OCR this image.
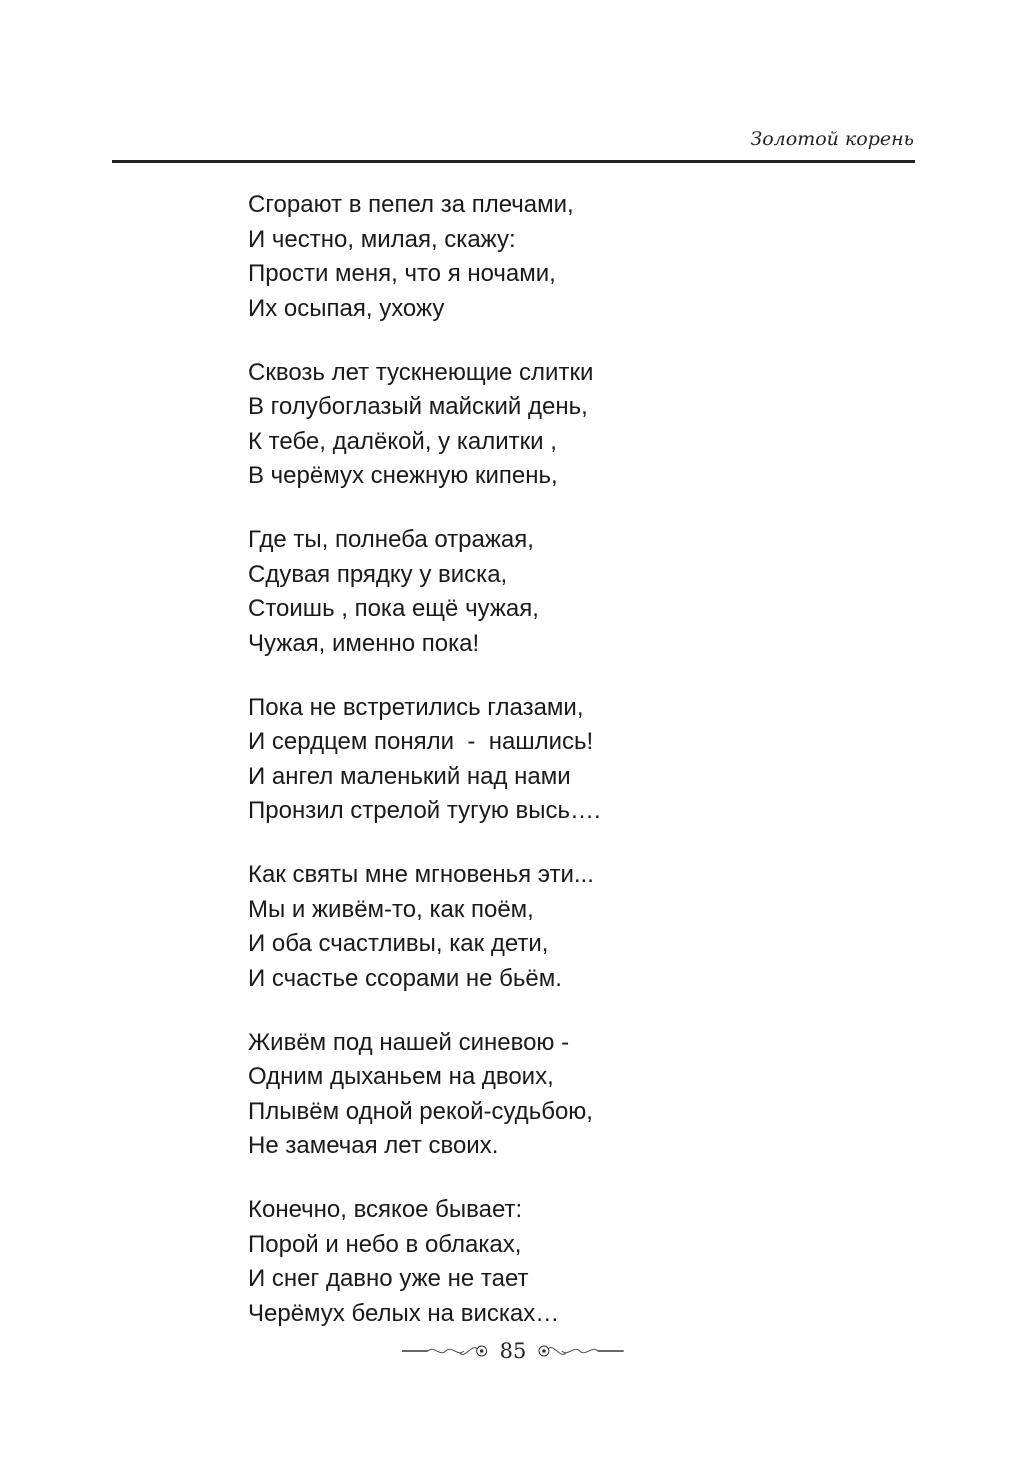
Золотой корень
Сгорают в пепел за плечами,
И честно, милая, скажу:
Прости меня, что я ночами,
Их осыпая, ухожу
Сквозь лет тускнеющие слитки
В голубоглазый майский день,
К тебе, далёкой, у калитки ,
В черёмух снежную кипень,
Где ты, полнеба отражая,
Сдувая прядку у виска,
Стоишь , пока ещё чужая,
Чужая, именно пока!
Пока не встретились глазами,
И сердцем поняли  -  нашлись!
И ангел маленький над нами
Пронзил стрелой тугую высь….
Как святы мне мгновенья эти...
Мы и живём-то, как поём,
И оба счастливы, как дети,
И счастье ссорами не бьём.
Живём под нашей синевою -
Одним дыханьем на двоих,
Плывём одной рекой-судьбою,
Не замечая лет своих.
Конечно, всякое бывает:
Порой и небо в облаках,
И снег давно уже не тает
Черёмух белых на висках…
85
